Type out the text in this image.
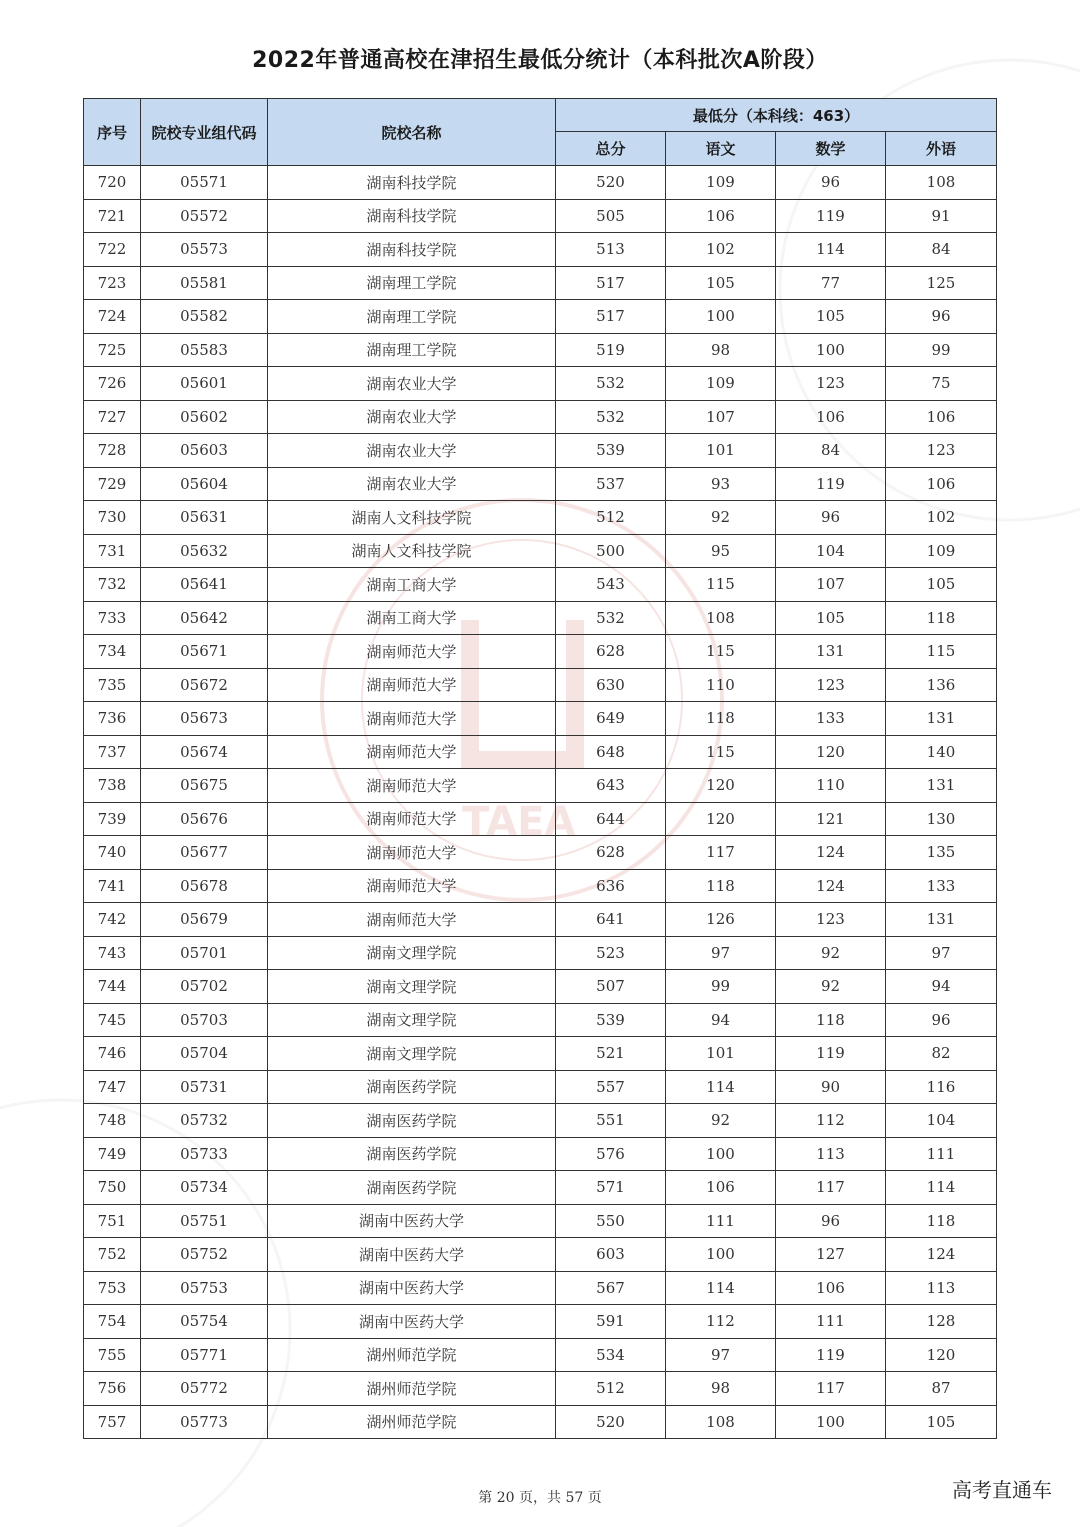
TAEA
2022年普通高校在津招生最低分统计（本科批次A阶段）
序号	院校专业组代码	院校名称	最低分（本科线：463）			
			总分	语文	数学	外语
720	05571	湖南科技学院	520	109	96	108
721	05572	湖南科技学院	505	106	119	91
722	05573	湖南科技学院	513	102	114	84
723	05581	湖南理工学院	517	105	77	125
724	05582	湖南理工学院	517	100	105	96
725	05583	湖南理工学院	519	98	100	99
726	05601	湖南农业大学	532	109	123	75
727	05602	湖南农业大学	532	107	106	106
728	05603	湖南农业大学	539	101	84	123
729	05604	湖南农业大学	537	93	119	106
730	05631	湖南人文科技学院	512	92	96	102
731	05632	湖南人文科技学院	500	95	104	109
732	05641	湖南工商大学	543	115	107	105
733	05642	湖南工商大学	532	108	105	118
734	05671	湖南师范大学	628	115	131	115
735	05672	湖南师范大学	630	110	123	136
736	05673	湖南师范大学	649	118	133	131
737	05674	湖南师范大学	648	115	120	140
738	05675	湖南师范大学	643	120	110	131
739	05676	湖南师范大学	644	120	121	130
740	05677	湖南师范大学	628	117	124	135
741	05678	湖南师范大学	636	118	124	133
742	05679	湖南师范大学	641	126	123	131
743	05701	湖南文理学院	523	97	92	97
744	05702	湖南文理学院	507	99	92	94
745	05703	湖南文理学院	539	94	118	96
746	05704	湖南文理学院	521	101	119	82
747	05731	湖南医药学院	557	114	90	116
748	05732	湖南医药学院	551	92	112	104
749	05733	湖南医药学院	576	100	113	111
750	05734	湖南医药学院	571	106	117	114
751	05751	湖南中医药大学	550	111	96	118
752	05752	湖南中医药大学	603	100	127	124
753	05753	湖南中医药大学	567	114	106	113
754	05754	湖南中医药大学	591	112	111	128
755	05771	湖州师范学院	534	97	119	120
756	05772	湖州师范学院	512	98	117	87
757	05773	湖州师范学院	520	108	100	105
第 20 页，共 57 页	高考直通车
